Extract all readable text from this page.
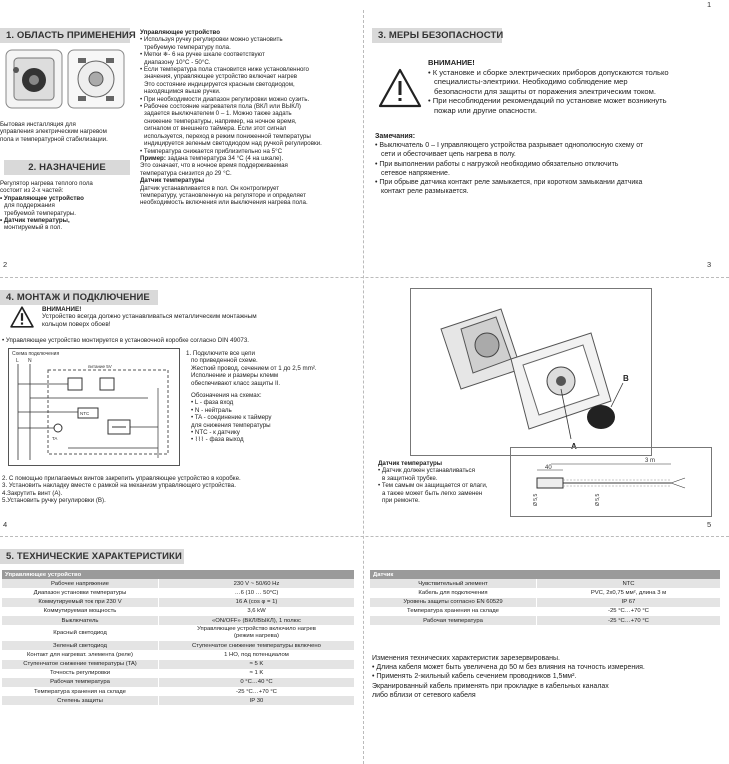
1
2	3
4	5
1. ОБЛАСТЬ ПРИМЕНЕНИЯ

Бытовая инсталляция для

управления электрическим нагревом

пола и температурной стабилизации.

2. НАЗНАЧЕНИЕ

Регулятор нагрева теплого пола

состоит из 2-х частей:

• Управляющее устройство

для поддержания

требуемой температуры.

• Датчик температуры,

монтируемый в пол.

Управляющее устройство

• Используя ручку регулировки можно установить

требуемую температуру пола.

• Метки ❄- 6 на ручке шкале соответствуют

диапазону 10°C - 50°C.

• Если температура пола становится ниже установленного

значения, управляющее устройство включает нагрев

Это состояние индицируется красным светодиодом,

находящимся выше ручки.

• При необходимости диапазон регулировки можно сузить.

• Рабочее состояние нагревателя пола (ВКЛ или ВЫКЛ)

задается выключателем 0 – 1. Можно также задать

снижение температуры, например, на ночное время,

сигналом от внешнего таймера. Если этот сигнал

используется, переход в режим пониженной температуры

индицируется зеленым светодиодом над ручкой регулировки.

• Температура снижается приблизительно на 5°C

Пример: задана температура 34 °C (4 на шкале).

Это означает, что в ночное время поддерживаемая

температура снизится до 29 °C.

Датчик температуры

Датчик устанавливается в пол. Он контролирует

температуру, установленную на регуляторе и определяет

необходимость включения или выключения нагрева пола.

3. МЕРЫ БЕЗОПАСНОСТИ

ВНИМАНИЕ!

• К установке и сборке электрических приборов допускаются только

специалисты-электрики. Необходимо соблюдение мер

безопасности для защиты от поражения электрическим током.

• При несоблюдении рекомендаций по установке может возникнуть

пожар или другие опасности.

Замечания:

• Выключатель 0 – I управляющего устройства разрывает однополюсную схему от

сети и обесточивает цепь нагрева в полу.

• При выполнении работы с нагрузкой необходимо обязательно отключить

сетевое напряжение.

• При обрыве датчика контакт реле замыкается, при коротком замыкании датчика

контакт реле размыкается.

4. МОНТАЖ И ПОДКЛЮЧЕНИЕ

ВНИМАНИЕ!

Устройство всегда должно устанавливаться металлическим монтажным

кольцом поверх обоев!

• Управляющее устройство монтируется в установочной коробке согласно DIN 49073.
Схема подключения
L N
питание 5V
NTC
TA

1. Подключите все цепи

по приведенной схеме.

Жесткий провод, сечением от 1 до 2,5 mm².

Исполнение и размеры клемм

обеспечивают класс защиты II.

Обозначения на схемах:

• L - фаза вход

• N - нейтраль

• TA - соединение к таймеру

для снижения температуры

• NTC - к датчику

• ⌇⌇⌇ - фаза выход

2. С помощью прилагаемых винтов закрепить управляющее устройство в коробке.

3. Установить накладку вместе с рамкой на механизм управляющего устройства.

4.Закрутить винт (A).

5.Установить ручку регулировки (B).

A
B

Датчик температуры

• Датчик должен устанавливаться

в защитной трубке.

• Тем самым он защищается от влаги,

а также может быть легко заменен

при ремонте.

3 m
40
Ø 5,5	Ø 5,5
5. ТЕХНИЧЕСКИЕ ХАРАКТЕРИСТИКИ
Управляющее устройство	
Рабочее напряжение	230 V ~ 50/60 Hz
Диапазон установки температуры	…6 (10 … 50°C)
Коммутируемый ток при 230 V	16 A (cos φ = 1)
Коммутируемая мощность	3,6 kW
Выключатель	«ON/OFF» (ВКЛ/ВЫКЛ), 1 полюс
Красный светодиод	Управляющее устройство включило нагрев
(режим нагрева)
Зеленый светодиод	Ступенчатое снижение температуры включено
Контакт для нагреват. элемента (реле)	1 НО, под потенциалом
Ступенчатое снижение температуры (TA)	≈ 5 K
Точность регулировки	≈ 1 K
Рабочая температура	0 °C…40 °C
Температура хранения на складе	-25 °C…+70 °C
Степень защиты	IP 30
Датчик	
Чувствительный элемент	NTC
Кабель для подключения	PVC, 2x0,75 мм², длина 3 м
Уровень защиты согласно EN 60529	IP 67
Температура хранения на складе	-25 °C…+70 °C
Рабочая температура	-25 °C…+70 °C

Изменения технических характеристик зарезервированы.

• Длина кабеля может быть увеличена до 50 м без влияния на точность измерения.

• Применять 2-жильный кабель сечением проводников 1,5мм².

Экранированный кабель применять при прокладке в кабельных каналах

либо вблизи от сетевого кабеля
